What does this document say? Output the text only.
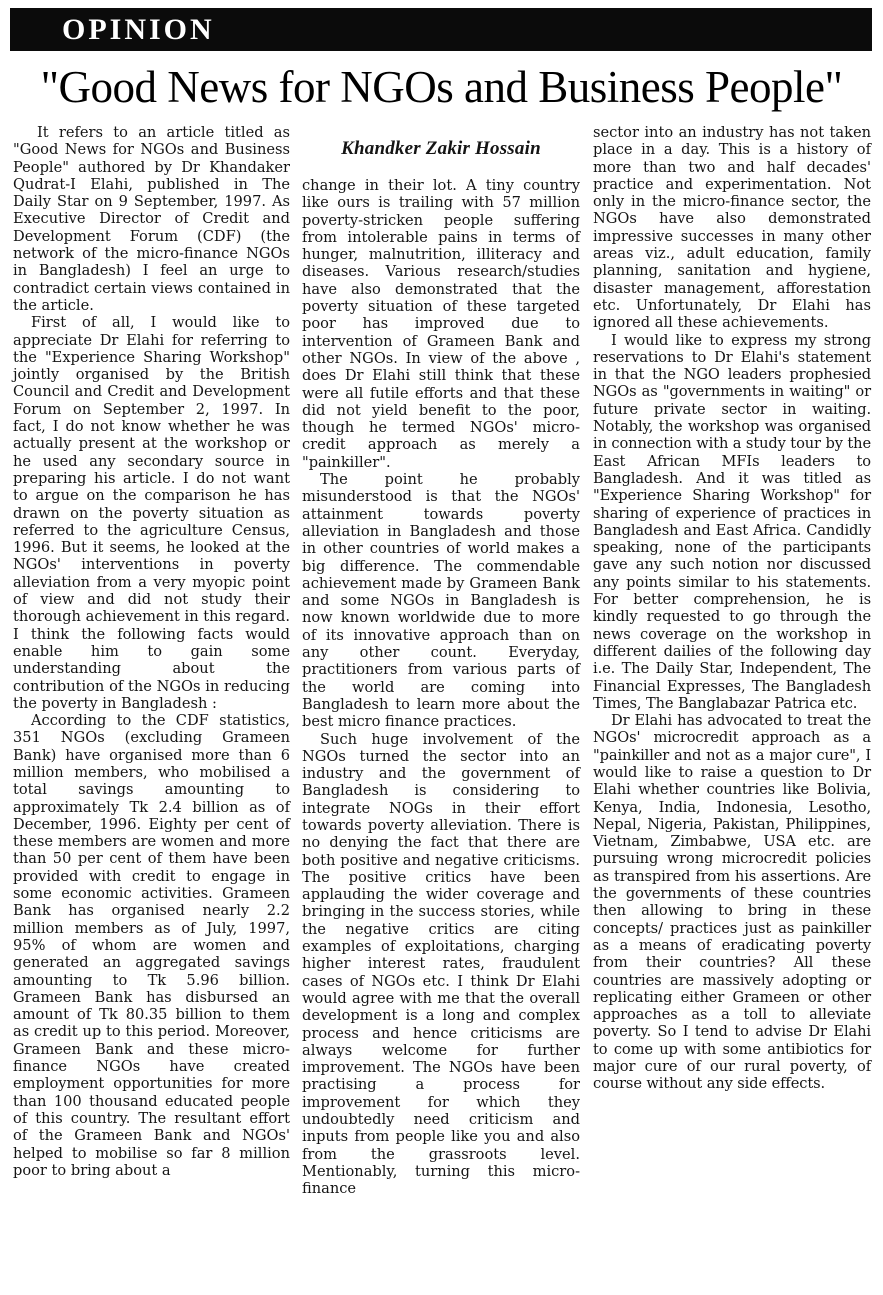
OPINION
"Good News for NGOs and Business People"

It refers to an article titled as "Good News for NGOs and Business People" authored by Dr Khandaker Qudrat-I Elahi, published in The Daily Star on 9 September, 1997. As Executive Director of Credit and Development Forum (CDF) (the network of the micro-finance NGOs in Bangladesh) I feel an urge to contradict certain views contained in the article.

First of all, I would like to appreciate Dr Elahi for referring to the "Experience Sharing Workshop" jointly organised by the British Council and Credit and Development Forum on September 2, 1997. In fact, I do not know whether he was actually present at the workshop or he used any secondary source in preparing his article. I do not want to argue on the comparison he has drawn on the poverty situation as referred to the agriculture Census, 1996. But it seems, he looked at the NGOs' interventions in poverty alleviation from a very myopic point of view and did not study their thorough achievement in this regard. I think the following facts would enable him to gain some understanding about the contribution of the NGOs in reducing the poverty in Bangladesh :

According to the CDF statistics, 351 NGOs (excluding Grameen Bank) have organised more than 6 million members, who mobilised a total savings amounting to approximately Tk 2.4 billion as of December, 1996. Eighty per cent of these members are women and more than 50 per cent of them have been provided with credit to engage in some economic activities. Grameen Bank has organised nearly 2.2 million members as of July, 1997, 95% of whom are women and generated an aggregated savings amounting to Tk 5.96 billion. Grameen Bank has disbursed an amount of Tk 80.35 billion to them as credit up to this period. Moreover, Grameen Bank and these micro-finance NGOs have created employment opportunities for more than 100 thousand educated people of this country. The resultant effort of the Grameen Bank and NGOs' helped to mobilise so far 8 million poor to bring about a

Khandker Zakir Hossain

change in their lot. A tiny country like ours is trailing with 57 million poverty-stricken people suffering from intolerable pains in terms of hunger, malnutrition, illiteracy and diseases. Various research/studies have also demonstrated that the poverty situation of these targeted poor has improved due to intervention of Grameen Bank and other NGOs. In view of the above , does Dr Elahi still think that these were all futile efforts and that these did not yield benefit to the poor, though he termed NGOs' micro-credit approach as merely a "painkiller".

The point he probably misunderstood is that the NGOs' attainment towards poverty alleviation in Bangladesh and those in other countries of world makes a big difference. The commendable achievement made by Grameen Bank and some NGOs in Bangladesh is now known worldwide due to more of its innovative approach than on any other count. Everyday, practitioners from various parts of the world are coming into Bangladesh to learn more about the best micro finance practices.

Such huge involvement of the NGOs turned the sector into an industry and the government of Bangladesh is considering to integrate NOGs in their effort towards poverty alleviation. There is no denying the fact that there are both positive and negative criticisms. The positive critics have been applauding the wider coverage and bringing in the success stories, while the negative critics are citing examples of exploitations, charging higher interest rates, fraudulent cases of NGOs etc. I think Dr Elahi would agree with me that the overall development is a long and complex process and hence criticisms are always welcome for further improvement. The NGOs have been practising a process for improvement for which they undoubtedly need criticism and inputs from people like you and also from the grassroots level. Mentionably, turning this micro-finance

sector into an industry has not taken place in a day. This is a history of more than two and half decades' practice and experimentation. Not only in the micro-finance sector, the NGOs have also demonstrated impressive successes in many other areas viz., adult education, family planning, sanitation and hygiene, disaster management, afforestation etc. Unfortunately, Dr Elahi has ignored all these achievements.

I would like to express my strong reservations to Dr Elahi's statement in that the NGO leaders prophesied NGOs as "governments in waiting" or future private sector in waiting. Notably, the workshop was organised in connection with a study tour by the East African MFIs leaders to Bangladesh. And it was titled as "Experience Sharing Workshop" for sharing of experience of practices in Bangladesh and East Africa. Candidly speaking, none of the participants gave any such notion nor discussed any points similar to his statements. For better comprehension, he is kindly requested to go through the news coverage on the workshop in different dailies of the following day i.e. The Daily Star, Independent, The Financial Expresses, The Bangladesh Times, The Banglabazar Patrica etc.

Dr Elahi has advocated to treat the NGOs' microcredit approach as a "painkiller and not as a major cure", I would like to raise a question to Dr Elahi whether countries like Bolivia, Kenya, India, Indonesia, Lesotho, Nepal, Nigeria, Pakistan, Philippines, Vietnam, Zimbabwe, USA etc. are pursuing wrong microcredit policies as transpired from his assertions. Are the governments of these countries then allowing to bring in these concepts/ practices just as painkiller as a means of eradicating poverty from their countries? All these countries are massively adopting or replicating either Grameen or other approaches as a toll to alleviate poverty. So I tend to advise Dr Elahi to come up with some antibiotics for major cure of our rural poverty, of course without any side effects.
